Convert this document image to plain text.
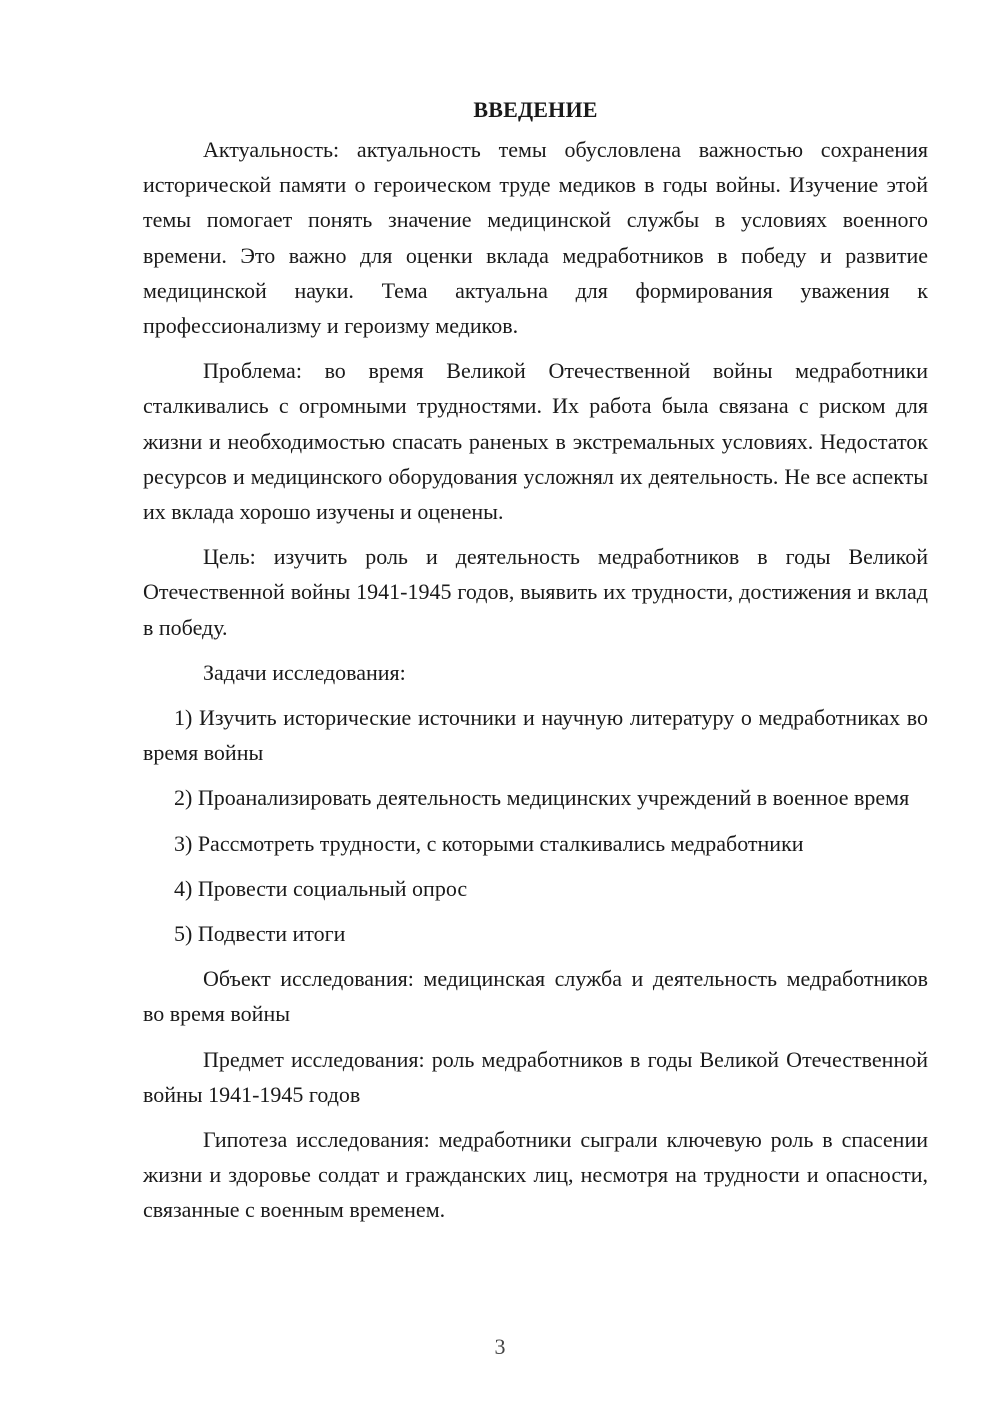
ВВЕДЕНИЕ

Актуальность: актуальность темы обусловлена важностью сохранения исторической памяти о героическом труде медиков в годы войны. Изучение этой темы помогает понять значение медицинской службы в условиях военного времени. Это важно для оценки вклада медработников в победу и развитие медицинской науки. Тема актуальна для формирования уважения к профессионализму и героизму медиков.

Проблема: во время Великой Отечественной войны медработники сталкивались с огромными трудностями. Их работа была связана с риском для жизни и необходимостью спасать раненых в экстремальных условиях. Недостаток ресурсов и медицинского оборудования усложнял их деятельность. Не все аспекты их вклада хорошо изучены и оценены.

Цель: изучить роль и деятельность медработников в годы Великой Отечественной войны 1941-1945 годов, выявить их трудности, достижения и вклад в победу.

Задачи исследования:

1) Изучить исторические источники и научную литературу о медработниках во время войны

2) Проанализировать деятельность медицинских учреждений в военное время

3) Рассмотреть трудности, с которыми сталкивались медработники

4) Провести социальный опрос

5) Подвести итоги

Объект исследования: медицинская служба и деятельность медработников во время войны

Предмет исследования: роль медработников в годы Великой Отечественной войны 1941-1945 годов

Гипотеза исследования: медработники сыграли ключевую роль в спасении жизни и здоровье солдат и гражданских лиц, несмотря на трудности и опасности, связанные с военным временем.

3
